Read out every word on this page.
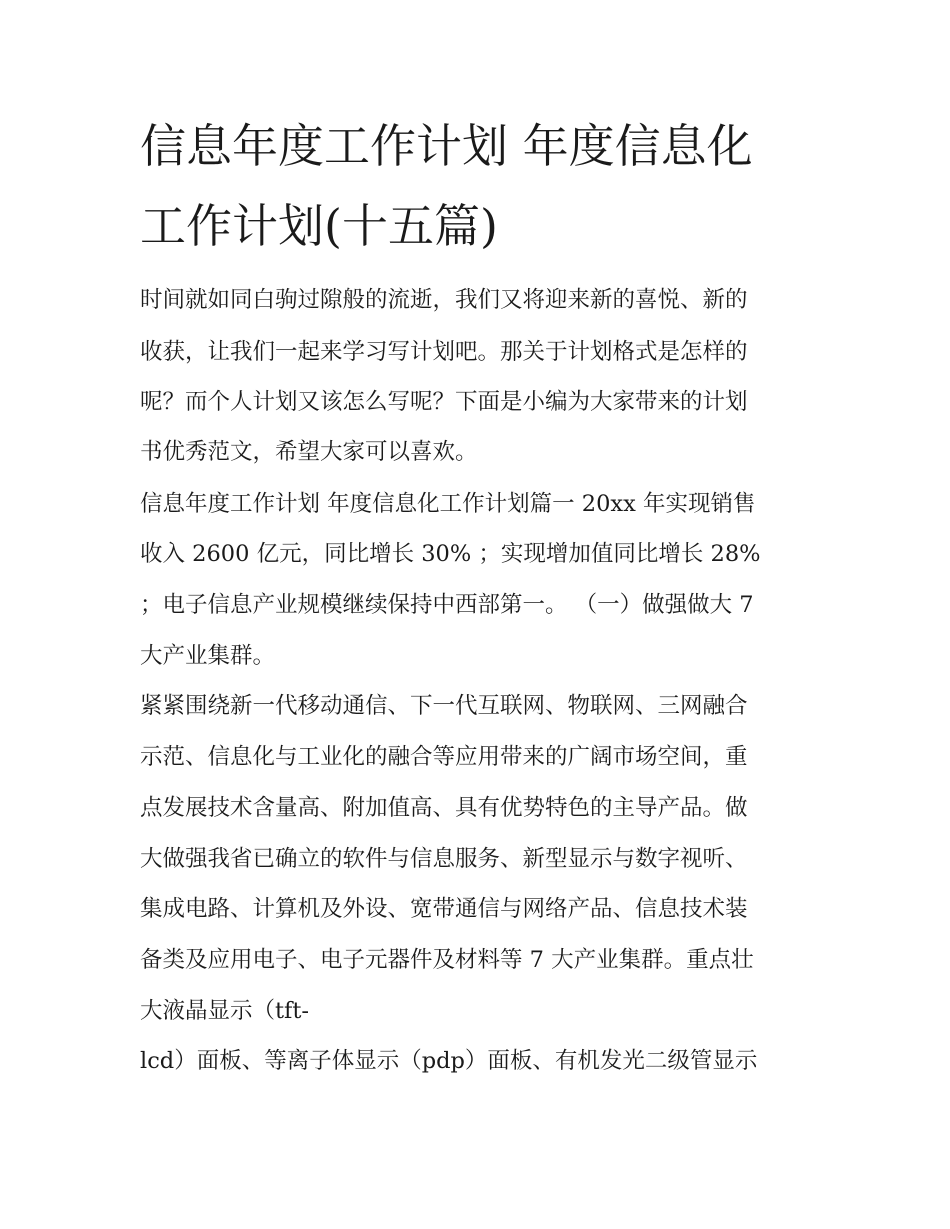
信息年度工作计划 年度信息化
工作计划(十五篇)
时间就如同白驹过隙般的流逝，我们又将迎来新的喜悦、新的
收获，让我们一起来学习写计划吧。那关于计划格式是怎样的
呢？而个人计划又该怎么写呢？下面是小编为大家带来的计划
书优秀范文，希望大家可以喜欢。
信息年度工作计划 年度信息化工作计划篇一 20xx 年实现销售
收入 2600 亿元，同比增长 30% ；实现增加值同比增长 28%
；电子信息产业规模继续保持中西部第一。 （一）做强做大 7
大产业集群。
紧紧围绕新一代移动通信、下一代互联网、物联网、三网融合
示范、信息化与工业化的融合等应用带来的广阔市场空间，重
点发展技术含量高、附加值高、具有优势特色的主导产品。做
大做强我省已确立的软件与信息服务、新型显示与数字视听、
集成电路、计算机及外设、宽带通信与网络产品、信息技术装
备类及应用电子、电子元器件及材料等 7 大产业集群。重点壮
大液晶显示（tft-
lcd）面板、等离子体显示（pdp）面板、有机发光二级管显示
